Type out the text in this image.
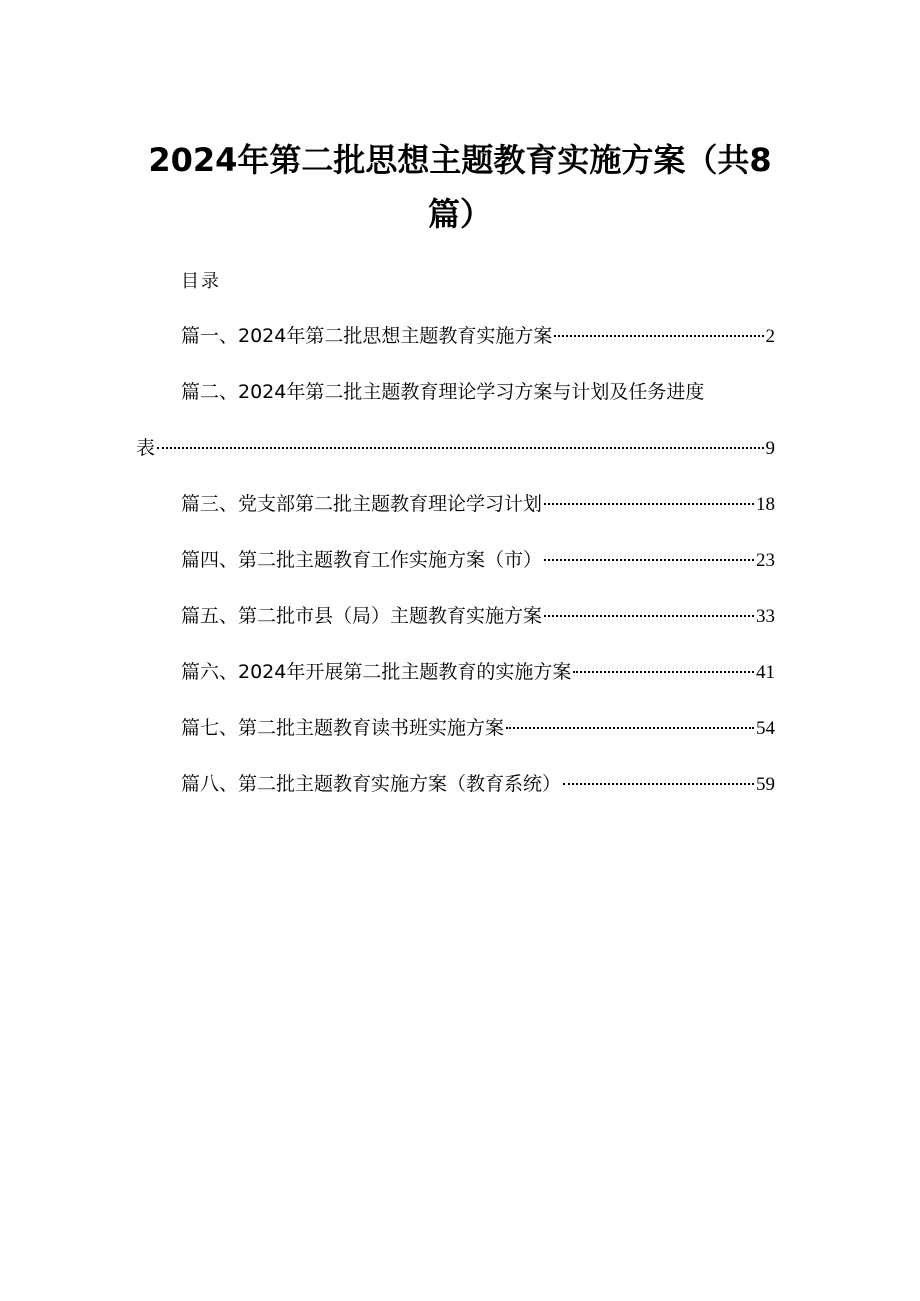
2024年第二批思想主题教育实施方案（共8篇）
目录
篇一、2024年第二批思想主题教育实施方案	2
篇二、2024年第二批主题教育理论学习方案与计划及任务进度
表	9
篇三、党支部第二批主题教育理论学习计划	18
篇四、第二批主题教育工作实施方案（市）	23
篇五、第二批市县（局）主题教育实施方案	33
篇六、2024年开展第二批主题教育的实施方案	41
篇七、第二批主题教育读书班实施方案	54
篇八、第二批主题教育实施方案（教育系统）	59
